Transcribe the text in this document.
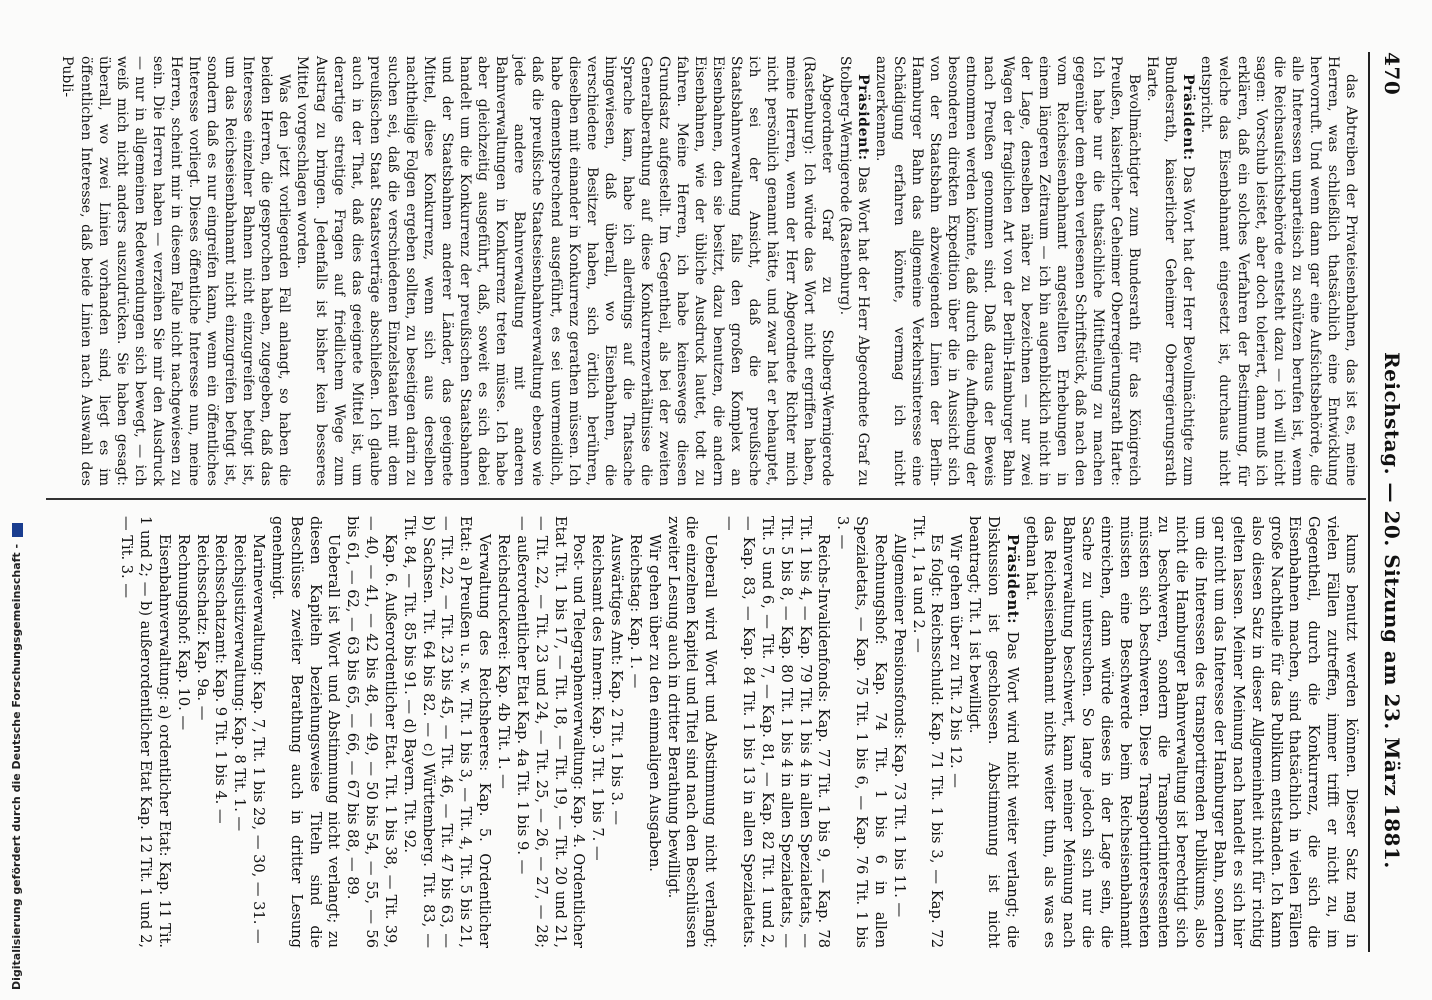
470
Reichstag. — 20. Sitzung am 23. März 1881.

das Abtreiben der Privateisenbahnen, das ist es, meine Herren, was schließlich thatsächlich eine Entwicklung hervorruft. Und wenn dann gar eine Aufsichtsbehörde, die alle Interessen unparteiisch zu schützen berufen ist, wenn die Reichsaufsichtsbehörde entsteht dazu — ich will nicht sagen: Vorschub leistet, aber doch toleriert, dann muß ich erklären, daß ein solches Verfahren der Bestimmung, für welche das Eisenbahnamt eingesetzt ist, durchaus nicht entspricht.

Präsident: Das Wort hat der Herr Bevollmächtigte zum Bundesrath, kaiserlicher Geheimer Oberregierungsrath Harte.

Bevollmächtigter zum Bundesrath für das Königreich Preußen, kaiserlicher Geheimer Oberregierungsrath Harte: Ich habe nur die thatsächliche Mittheilung zu machen gegenüber dem eben verlesenen Schriftstück, daß nach den vom Reichseisenbahnamt angestellten Erhebungen in einem längeren Zeitraum — ich bin augenblicklich nicht in der Lage, denselben näher zu bezeichnen — nur zwei Wagen der fraglichen Art von der Berlin-Hamburger Bahn nach Preußen genommen sind. Daß daraus der Beweis entnommen werden könnte, daß durch die Aufhebung der besonderen direkten Expedition über die in Aussicht sich von der Staatsbahn abzweigenden Linien der Berlin-Hamburger Bahn das allgemeine Verkehrsinteresse eine Schädigung erfahren könnte, vermag ich nicht anzuerkennen.

Präsident: Das Wort hat der Herr Abgeordnete Graf zu Stolberg-Wernigerode (Rastenburg).

Abgeordneter Graf zu Stolberg-Wernigerode (Rastenburg): Ich würde das Wort nicht ergriffen haben, meine Herren, wenn der Herr Abgeordnete Richter mich nicht persönlich genannt hätte, und zwar hat er behauptet, ich sei der Ansicht, daß die preußische Staatsbahnverwaltung falls den großen Komplex an Eisenbahnen, den sie besitzt, dazu benutzen, die andern Eisenbahnen, wie der übliche Ausdruck lautet, todt zu fahren. Meine Herren, ich habe keineswegs diesen Grundsatz aufgestellt. Im Gegentheil, als bei der zweiten Generalberathung auf diese Konkurrenzverhältnisse die Sprache kam, habe ich allerdings auf die Thatsache hingewiesen, daß überall, wo Eisenbahnen, die verschiedene Besitzer haben, sich örtlich berühren, dieselben mit einander in Konkurrenz gerathen müssen. Ich habe dementsprechend ausgeführt, es sei unvermeidlich, daß die preußische Staatseisenbahnverwaltung ebenso wie jede andere Bahnverwaltung mit anderen Bahnverwaltungen in Konkurrenz treten müsse. Ich habe aber gleichzeitig ausgeführt, daß, soweit es sich dabei handelt um die Konkurrenz der preußischen Staatsbahnen und der Staatsbahnen anderer Länder, das geeignete Mittel, diese Konkurrenz, wenn sich aus derselben nachtheilige Folgen ergeben sollten, zu beseitigen darin zu suchen sei, daß die verschiedenen Einzelstaaten mit dem preußischen Staat Staatsverträge abschließen. Ich glaube auch in der That, daß dies das geeignete Mittel ist, um derartige streitige Fragen auf friedlichem Wege zum Austrag zu bringen. Jedenfalls ist bisher kein besseres Mittel vorgeschlagen worden.

Was den jetzt vorliegenden Fall anlangt, so haben die beiden Herren, die gesprochen haben, zugegeben, daß das Interesse einzelner Bahnen nicht einzugreifen befugt ist, um das Reichseisenbahnamt nicht einzugreifen befugt ist, sondern daß es nur eingreifen kann, wenn ein öffentliches Interesse vorliegt. Dieses öffentliche Interesse nun, meine Herren, scheint mir in diesem Falle nicht nachgewiesen zu sein. Die Herren haben — verzeihen Sie mir den Ausdruck — nur in allgemeinen Redewendungen sich bewegt, — ich weiß mich nicht anders auszudrücken. Sie haben gesagt: überall, wo zwei Linien vorhanden sind, liegt es im öffentlichen Interesse, daß beide Linien nach Auswahl des Publi-

kums benutzt werden können. Dieser Satz mag in vielen Fällen zutreffen, immer trifft er nicht zu, im Gegentheil, durch die Konkurrenz, die sich die Eisenbahnen machen, sind thatsächlich in vielen Fällen große Nachtheile für das Publikum entstanden. Ich kann also diesen Satz in dieser Allgemeinheit nicht für richtig gelten lassen. Meiner Meinung nach handelt es sich hier gar nicht um das Interesse der Hamburger Bahn, sondern um die Interessen des transportirenden Publikums, also nicht die Hamburger Bahnverwaltung ist berechtigt sich zu beschweren, sondern die Transportinteressenten müssten sich beschweren. Diese Transportinteressenten müssten eine Beschwerde beim Reichseisenbahnamt einreichen, dann würde dieses in der Lage sein, die Sache zu untersuchen. So lange jedoch sich nur die Bahnverwaltung beschwert, kann meiner Meinung nach das Reichseisenbahnamt nichts weiter thun, als was es gethan hat.

Präsident: Das Wort wird nicht weiter verlangt; die Diskussion ist geschlossen. Abstimmung ist nicht beantragt; Tit. 1 ist bewilligt.

Wir gehen über zu Tit. 2 bis 12. —

Es folgt: Reichsschuld: Kap. 71 Tit. 1 bis 3, — Kap. 72 Tit. 1, 1a und 2. —

Allgemeiner Pensionsfonds: Kap. 73 Tit. 1 bis 11. —

Rechnungshof: Kap. 74 Tit. 1 bis 6 in allen Spezialetats, — Kap. 75 Tit. 1 bis 6, — Kap. 76 Tit. 1 bis 3. —

Reichs-Invalidenfonds: Kap. 77 Tit. 1 bis 9, — Kap. 78 Tit. 1 bis 4, — Kap. 79 Tit. 1 bis 4 in allen Spezialetats, — Tit. 5 bis 8, — Kap. 80 Tit. 1 bis 4 in allen Spezialetats, — Tit. 5 und 6, — Tit. 7, — Kap. 81, — Kap. 82 Tit. 1 und 2, — Kap. 83, — Kap. 84 Tit. 1 bis 13 in allen Spezialetats. —

Ueberall wird Wort und Abstimmung nicht verlangt; die einzelnen Kapitel und Titel sind nach den Beschlüssen zweiter Lesung auch in dritter Berathung bewilligt.

Wir gehen über zu den einmaligen Ausgaben.

Reichstag: Kap. 1. —

Auswärtiges Amt: Kap. 2 Tit. 1 bis 3. —

Reichsamt des Innern: Kap. 3 Tit. 1 bis 7. —

Post- und Telegraphenverwaltung: Kap. 4. Ordentlicher Etat Tit. 1 bis 17, — Tit. 18, — Tit. 19, — Tit. 20 und 21, — Tit. 22, — Tit. 23 und 24, — Tit. 25, — 26, — 27, — 28; — außerordentlicher Etat Kap. 4a Tit. 1 bis 9. —

Reichsdruckerei: Kap. 4b Tit. 1. —

Verwaltung des Reichsheeres: Kap. 5. Ordentlicher Etat: a) Preußen u. s. w. Tit. 1 bis 3, — Tit. 4, Tit. 5 bis 21, — Tit. 22, — Tit. 23 bis 45, — Tit. 46, — Tit. 47 bis 63, — b) Sachsen. Tit. 64 bis 82. — c) Württemberg. Tit. 83, — Tit. 84, — Tit. 85 bis 91. — d) Bayern. Tit. 92.

Kap. 6. Außerordentlicher Etat. Tit. 1 bis 38, — Tit. 39, — 40, — 41, — 42 bis 48, — 49, — 50 bis 54, — 55, — 56 bis 61, — 62, — 63 bis 65, — 66, — 67 bis 88, — 89.

Ueberall ist Wort und Abstimmung nicht verlangt; zu diesen Kapiteln beziehungsweise Titeln sind die Beschlüsse zweiter Berathung auch in dritter Lesung genehmigt.

Marineverwaltung: Kap. 7, Tit. 1 bis 29, — 30, — 31. —

Reichsjustizverwaltung: Kap. 8 Tit. 1. —

Reichsschatzamt: Kap. 9 Tit. 1 bis 4. —

Reichsschatz: Kap. 9a. —

Rechnungshof: Kap. 10. —

Eisenbahnverwaltung: a) ordentlicher Etat: Kap. 11 Tit. 1 und 2; — b) außerordentlicher Etat Kap. 12 Tit. 1 und 2, — Tit. 3. —

Digitalisierung gefördert durch die Deutsche Forschungsgemeinschaft -
